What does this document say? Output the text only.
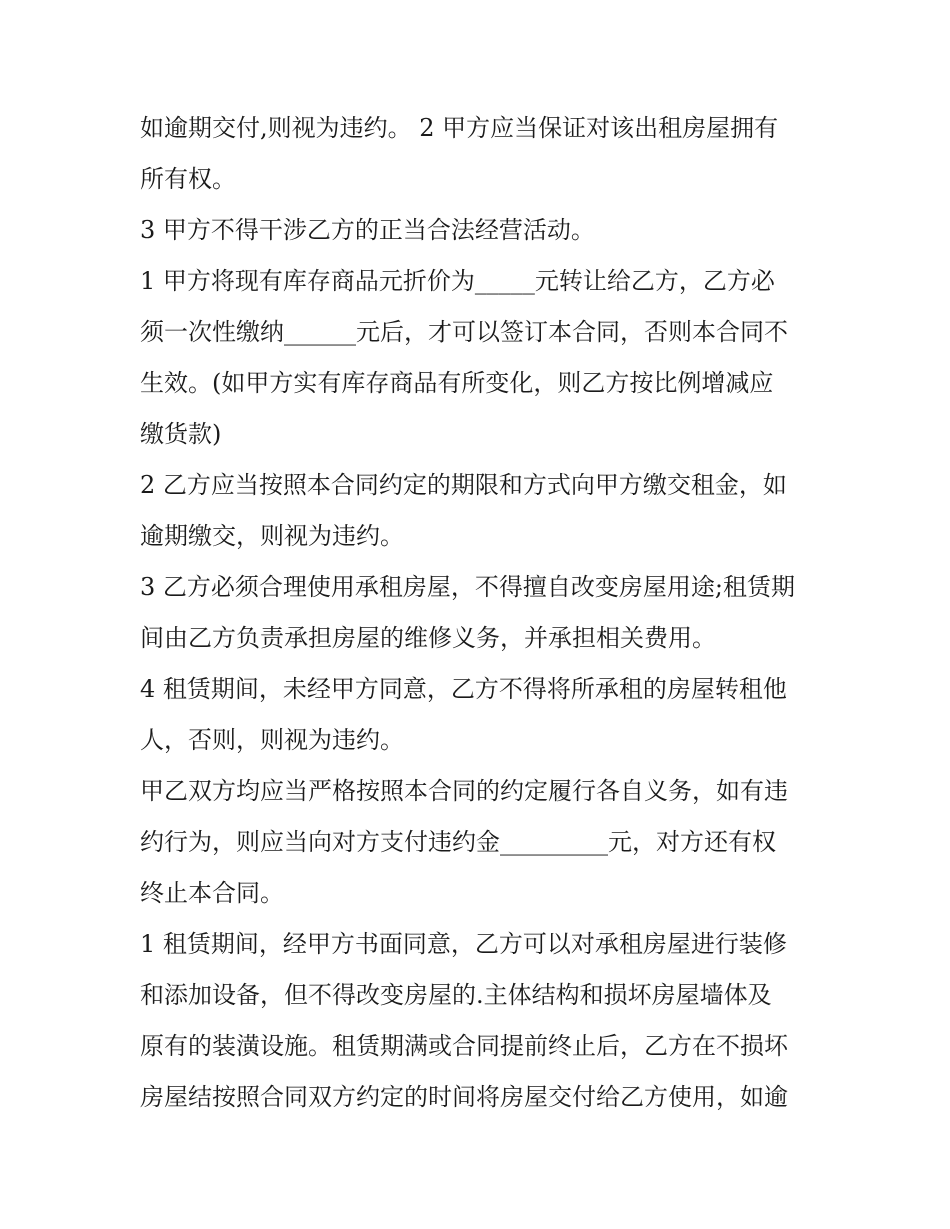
如逾期交付,则视为违约。 2 甲方应当保证对该出租房屋拥有
所有权。
3 甲方不得干涉乙方的正当合法经营活动。
1 甲方将现有库存商品元折价为_____元转让给乙方，乙方必
须一次性缴纳______元后，才可以签订本合同，否则本合同不
生效。(如甲方实有库存商品有所变化，则乙方按比例增减应
缴货款)
2 乙方应当按照本合同约定的期限和方式向甲方缴交租金，如
逾期缴交，则视为违约。
3 乙方必须合理使用承租房屋，不得擅自改变房屋用途;租赁期
间由乙方负责承担房屋的维修义务，并承担相关费用。
4 租赁期间，未经甲方同意，乙方不得将所承租的房屋转租他
人，否则，则视为违约。
甲乙双方均应当严格按照本合同的约定履行各自义务，如有违
约行为，则应当向对方支付违约金_________元，对方还有权
终止本合同。
1 租赁期间，经甲方书面同意，乙方可以对承租房屋进行装修
和添加设备，但不得改变房屋的.主体结构和损坏房屋墙体及
原有的装潢设施。租赁期满或合同提前终止后，乙方在不损坏
房屋结按照合同双方约定的时间将房屋交付给乙方使用，如逾
